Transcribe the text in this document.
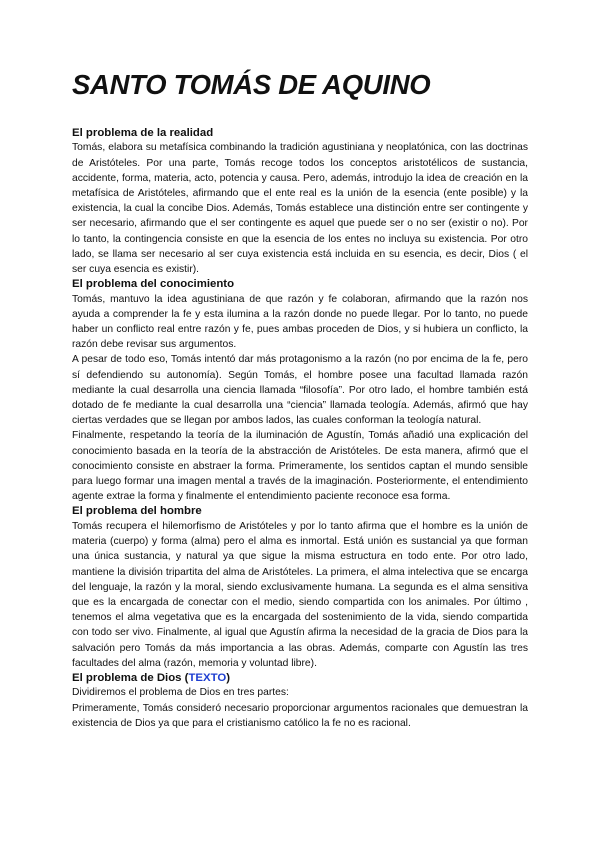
SANTO TOMÁS DE AQUINO
El problema de la realidad

Tomás, elabora su metafísica combinando la tradición agustiniana y neoplatónica, con las doctrinas de Aristóteles. Por una parte, Tomás recoge todos los conceptos aristotélicos de sustancia, accidente, forma, materia, acto, potencia y causa. Pero, además, introdujo la idea de creación en la metafísica de Aristóteles, afirmando que el ente real es la unión de la esencia (ente posible) y la existencia, la cual la concibe Dios. Además, Tomás establece una distinción entre ser contingente y ser necesario, afirmando que el ser contingente es aquel que puede ser o no ser (existir o no). Por lo tanto, la contingencia consiste en que la esencia de los entes no incluya su existencia. Por otro lado, se llama ser necesario al ser cuya existencia está incluida en su esencia, es decir, Dios ( el ser cuya esencia es existir).

El problema del conocimiento

Tomás, mantuvo la idea agustiniana de que razón y fe colaboran, afirmando que la razón nos ayuda a comprender la fe y esta ilumina a la razón donde no puede llegar. Por lo tanto, no puede haber un conflicto real entre razón y fe, pues ambas proceden de Dios, y si hubiera un conflicto, la razón debe revisar sus argumentos.

A pesar de todo eso, Tomás intentó dar más protagonismo a la razón (no por encima de la fe, pero sí defendiendo su autonomía). Según Tomás, el hombre posee una facultad llamada razón mediante la cual desarrolla una ciencia llamada “filosofía”. Por otro lado, el hombre también está dotado de fe mediante la cual desarrolla una “ciencia” llamada teología. Además, afirmó que hay ciertas verdades que se llegan por ambos lados, las cuales conforman la teología natural.

Finalmente, respetando la teoría de la iluminación de Agustín, Tomás añadió una explicación del conocimiento basada en la teoría de la abstracción de Aristóteles. De esta manera, afirmó que el conocimiento consiste en abstraer la forma. Primeramente, los sentidos captan el mundo sensible para luego formar una imagen mental a través de la imaginación. Posteriormente, el entendimiento agente extrae la forma y finalmente el entendimiento paciente reconoce esa forma.

El problema del hombre

Tomás recupera el hilemorfismo de Aristóteles y por lo tanto afirma que el hombre es la unión de materia (cuerpo) y forma (alma) pero el alma es inmortal. Está unión es sustancial ya que forman una única sustancia, y natural ya que sigue la misma estructura en todo ente. Por otro lado, mantiene la división tripartita del alma de Aristóteles. La primera, el alma intelectiva que se encarga del lenguaje, la razón y la moral, siendo exclusivamente humana. La segunda es el alma sensitiva que es la encargada de conectar con el medio, siendo compartida con los animales. Por último , tenemos el alma vegetativa que es la encargada del sostenimiento de la vida, siendo compartida con todo ser vivo. Finalmente, al igual que Agustín afirma la necesidad de la gracia de Dios para la salvación pero Tomás da más importancia a las obras. Además, comparte con Agustín las tres facultades del alma (razón, memoria y voluntad libre).

El problema de Dios (TEXTO)

Dividiremos el problema de Dios en tres partes:

Primeramente, Tomás consideró necesario proporcionar argumentos racionales que demuestran la existencia de Dios ya que para el cristianismo católico la fe no es racional.
